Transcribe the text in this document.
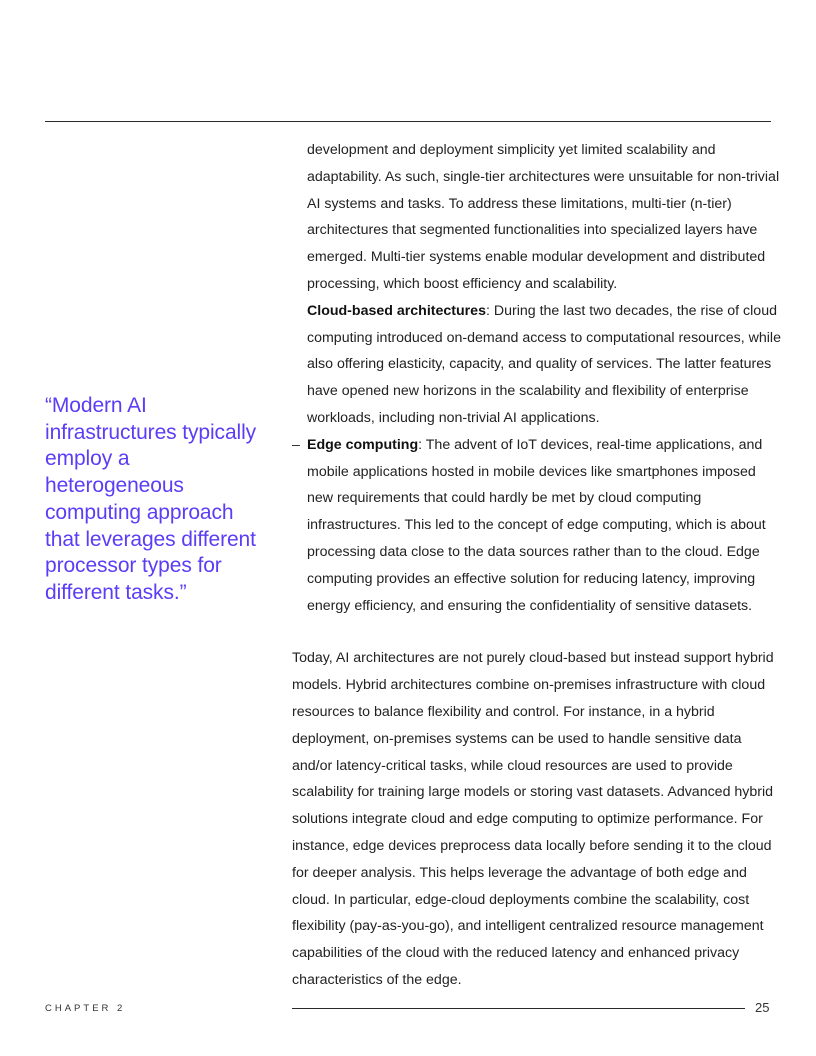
“Modern AI infrastructures typically employ a heterogeneous computing approach that leverages different processor types for different tasks.”

development and deployment simplicity yet limited scalability and adaptability. As such, single-tier architectures were unsuitable for non-trivial AI systems and tasks. To address these limitations, multi-tier (n-tier) architectures that segmented functionalities into specialized layers have emerged. Multi-tier systems enable modular development and distributed processing, which boost efficiency and scalability.

Cloud-based architectures: During the last two decades, the rise of cloud computing introduced on-demand access to computational resources, while also offering elasticity, capacity, and quality of services. The latter features have opened new horizons in the scalability and flexibility of enterprise workloads, including non-trivial AI applications.

– Edge computing: The advent of IoT devices, real-time applications, and mobile applications hosted in mobile devices like smartphones imposed new requirements that could hardly be met by cloud computing infrastructures. This led to the concept of edge computing, which is about processing data close to the data sources rather than to the cloud. Edge computing provides an effective solution for reducing latency, improving energy efficiency, and ensuring the confidentiality of sensitive datasets.

Today, AI architectures are not purely cloud-based but instead support hybrid models. Hybrid architectures combine on-premises infrastructure with cloud resources to balance flexibility and control. For instance, in a hybrid deployment, on-premises systems can be used to handle sensitive data and/or latency-critical tasks, while cloud resources are used to provide scalability for training large models or storing vast datasets. Advanced hybrid solutions integrate cloud and edge computing to optimize performance. For instance, edge devices preprocess data locally before sending it to the cloud for deeper analysis. This helps leverage the advantage of both edge and cloud. In particular, edge-cloud deployments combine the scalability, cost flexibility (pay-as-you-go), and intelligent centralized resource management capabilities of the cloud with the reduced latency and enhanced privacy characteristics of the edge.

CHAPTER 2	25
